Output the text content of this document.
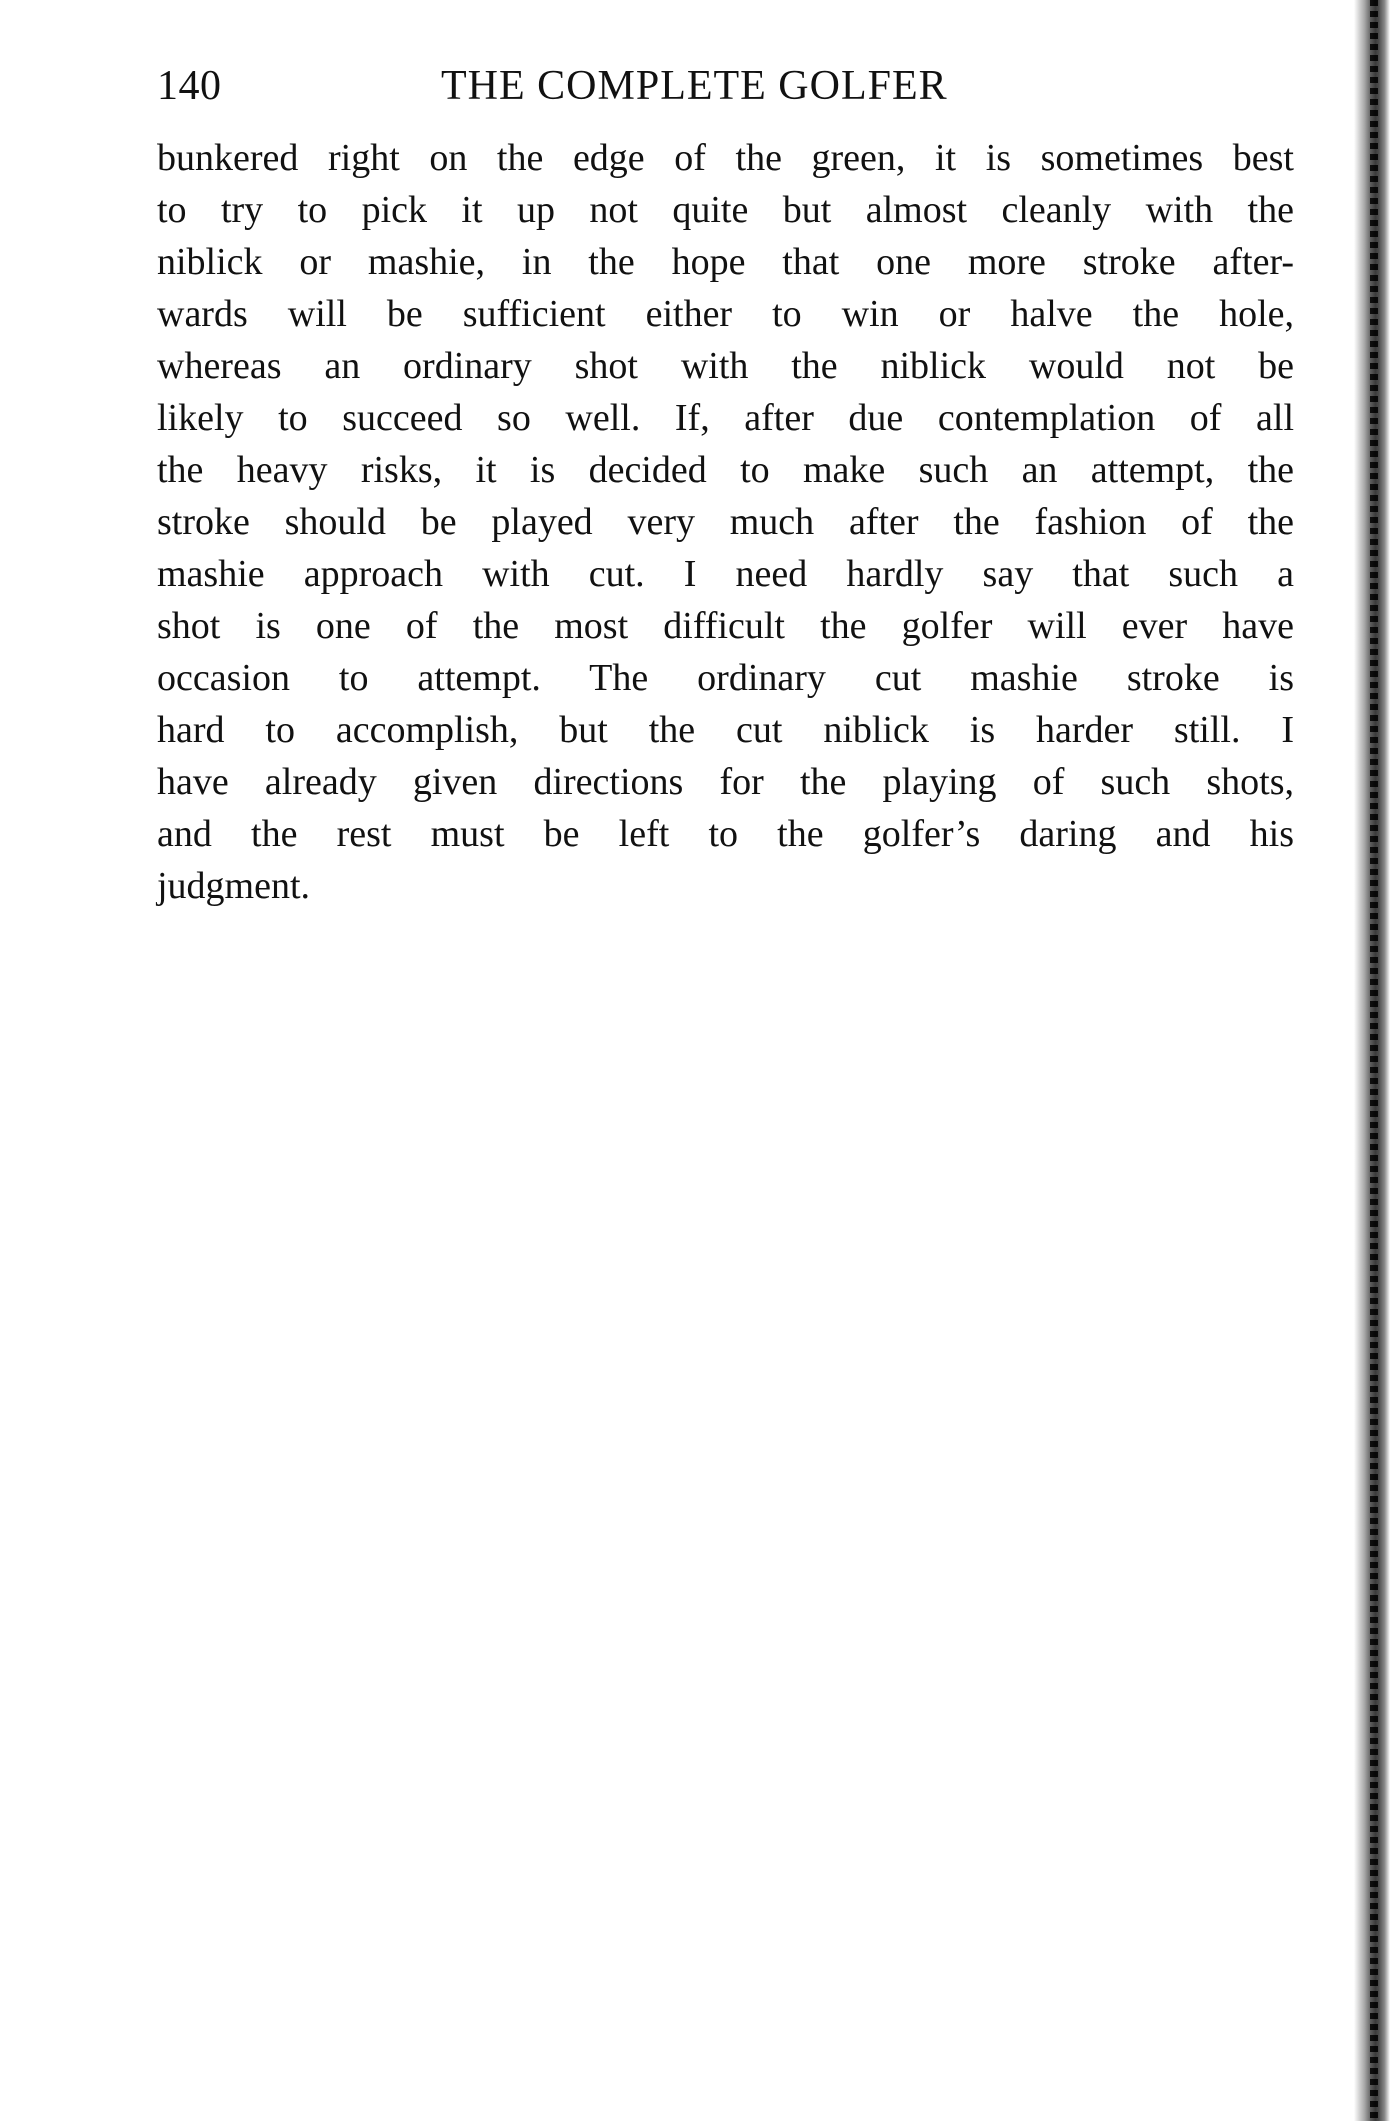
140	THE COMPLETE GOLFER
bunkered right on the edge of the green, it is sometimes best
to try to pick it up not quite but almost cleanly with the
niblick or mashie, in the hope that one more stroke after-
wards will be sufficient either to win or halve the hole,
whereas an ordinary shot with the niblick would not be
likely to succeed so well. If, after due contemplation of all
the heavy risks, it is decided to make such an attempt, the
stroke should be played very much after the fashion of the
mashie approach with cut. I need hardly say that such a
shot is one of the most difficult the golfer will ever have
occasion to attempt. The ordinary cut mashie stroke is
hard to accomplish, but the cut niblick is harder still. I
have already given directions for the playing of such shots,
and the rest must be left to the golfer’s daring and his
judgment.
